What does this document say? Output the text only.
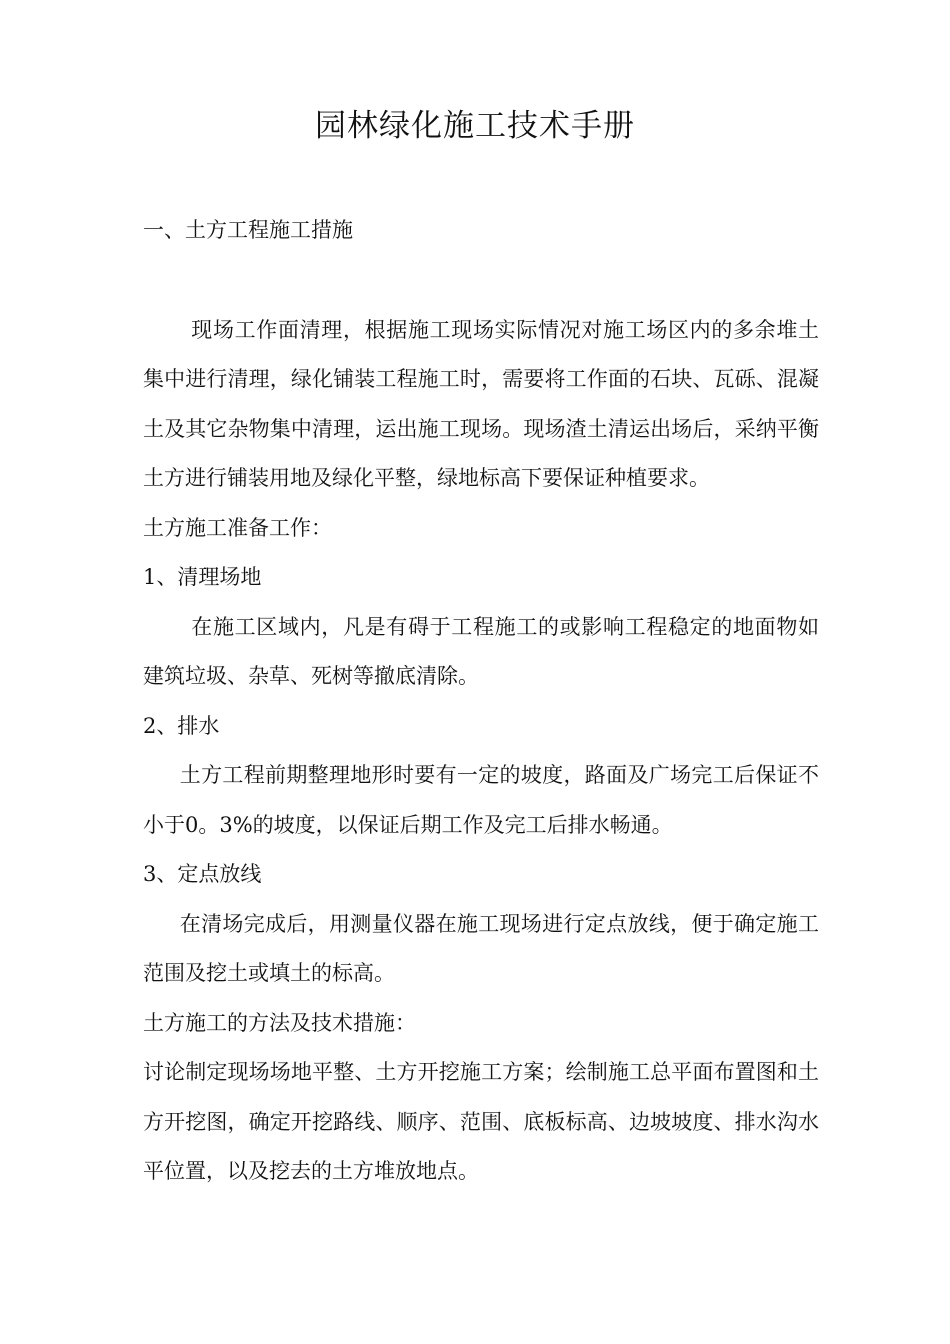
园林绿化施工技术手册

一、土方工程施工措施

现场工作面清理，根据施工现场实际情况对施工场区内的多余堆土集中进行清理，绿化铺装工程施工时，需要将工作面的石块、瓦砾、混凝土及其它杂物集中清理，运出施工现场。现场渣土清运出场后，采纳平衡土方进行铺装用地及绿化平整，绿地标高下要保证种植要求。

土方施工准备工作：

1、清理场地

在施工区域内，凡是有碍于工程施工的或影响工程稳定的地面物如建筑垃圾、杂草、死树等撤底清除。

2、排水

土方工程前期整理地形时要有一定的坡度，路面及广场完工后保证不小于0。3%的坡度，以保证后期工作及完工后排水畅通。

3、定点放线

在清场完成后，用测量仪器在施工现场进行定点放线，便于确定施工范围及挖土或填土的标高。

土方施工的方法及技术措施：

讨论制定现场场地平整、土方开挖施工方案；绘制施工总平面布置图和土方开挖图，确定开挖路线、顺序、范围、底板标高、边坡坡度、排水沟水平位置，以及挖去的土方堆放地点。
